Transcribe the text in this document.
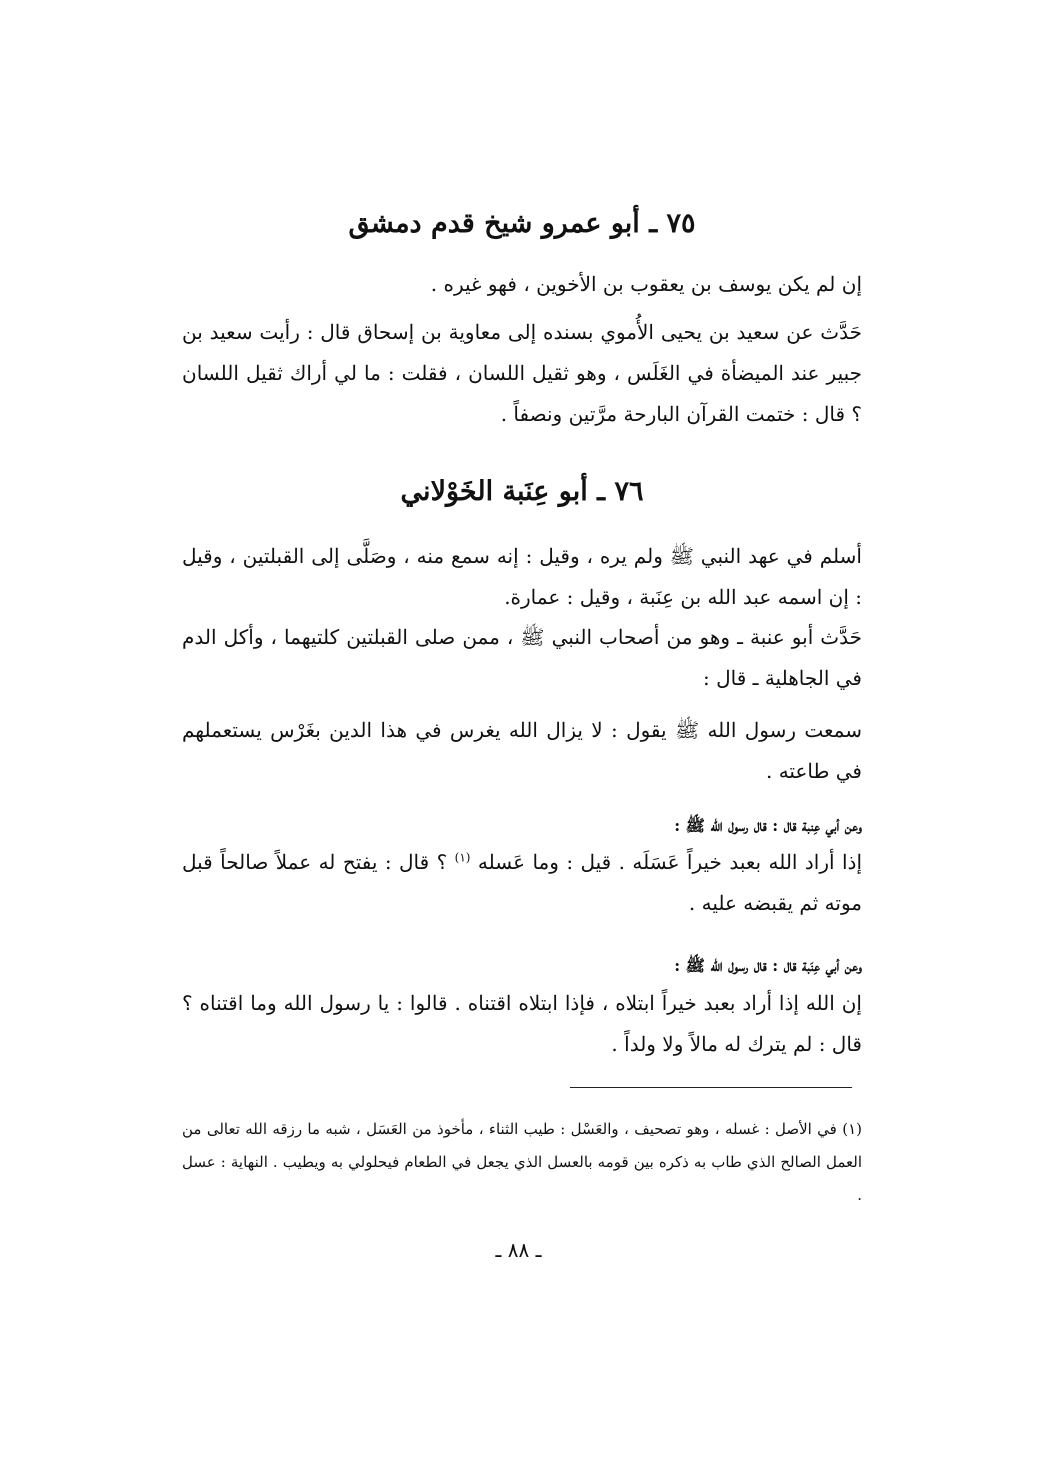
٧٥ ـ أبو عمرو شيخ قدم دمشق
إن لم يكن يوسف بن يعقوب بن الأخوين ، فهو غيره .
حَدَّث عن سعيد بن يحيى الأُموي بسنده إلى معاوية بن إسحاق قال : رأيت سعيد بن جبير عند الميضأة في الغَلَس ، وهو ثقيل اللسان ، فقلت : ما لي أراك ثقيل اللسان ؟ قال : ختمت القرآن البارحة مرَّتين ونصفاً .
٧٦ ـ أبو عِنَبة الخَوْلاني
أسلم في عهد النبي ﷺ ولم يره ، وقيل : إنه سمع منه ، وصَلَّى إلى القبلتين ، وقيل : إن اسمه عبد الله بن عِنَبة ، وقيل : عمارة.
حَدَّث أبو عنبة ـ وهو من أصحاب النبي ﷺ ، ممن صلى القبلتين كلتيهما ، وأكل الدم في الجاهلية ـ قال :
سمعت رسول الله ﷺ يقول : لا يزال الله يغرس في هذا الدين بغَرْس يستعملهم في طاعته .
وعن أبي عِنبة قال : قال رسول الله ﷺ :
إذا أراد الله بعبد خيراً عَسَلَه . قيل : وما عَسله $^{(١)}$ ؟ قال : يفتح له عملاً صالحاً قبل موته ثم يقبضه عليه .
وعن أبي عِنَبة قال : قال رسول الله ﷺ :
إن الله إذا أراد بعبد خيراً ابتلاه ، فإذا ابتلاه اقتناه . قالوا : يا رسول الله وما اقتناه ؟ قال : لم يترك له مالاً ولا ولداً .
(١) في الأصل : غسله ، وهو تصحيف ، والعَسْل : طيب الثناء ، مأخوذ من العَسَل ، شبه ما رزقه الله تعالى من العمل الصالح الذي طاب به ذكره بين قومه بالعسل الذي يجعل في الطعام فيحلولي به ويطيب . النهاية : عسل .
ـ ٨٨ ـ
